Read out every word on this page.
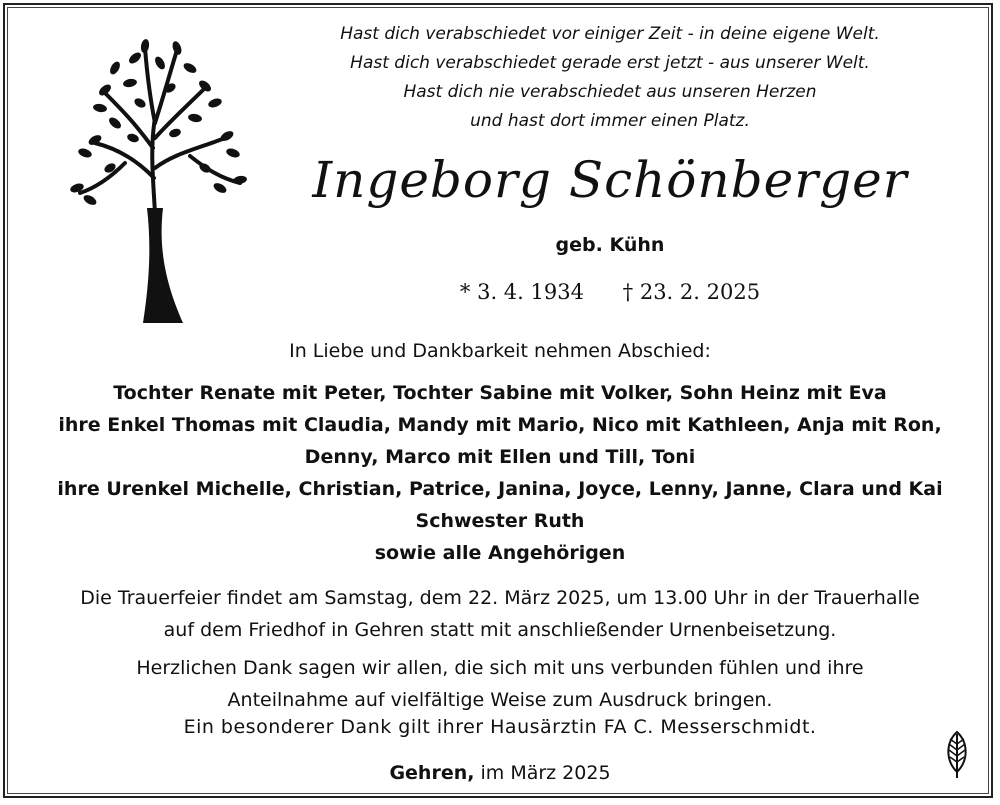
Hast dich verabschiedet vor einiger Zeit - in deine eigene Welt.
Hast dich verabschiedet gerade erst jetzt - aus unserer Welt.
Hast dich nie verabschiedet aus unseren Herzen
und hast dort immer einen Platz.
Ingeborg Schönberger
geb. Kühn
* 3. 4. 1934 † 23. 2. 2025
In Liebe und Dankbarkeit nehmen Abschied:
Tochter Renate mit Peter, Tochter Sabine mit Volker, Sohn Heinz mit Eva
ihre Enkel Thomas mit Claudia, Mandy mit Mario, Nico mit Kathleen, Anja mit Ron,
Denny, Marco mit Ellen und Till, Toni
ihre Urenkel Michelle, Christian, Patrice, Janina, Joyce, Lenny, Janne, Clara und Kai
Schwester Ruth
sowie alle Angehörigen
Die Trauerfeier findet am Samstag, dem 22. März 2025, um 13.00 Uhr in der Trauerhalle
auf dem Friedhof in Gehren statt mit anschließender Urnenbeisetzung.
Herzlichen Dank sagen wir allen, die sich mit uns verbunden fühlen und ihre
Anteilnahme auf vielfältige Weise zum Ausdruck bringen.
Ein besonderer Dank gilt ihrer Hausärztin FA C. Messerschmidt.
Gehren, im März 2025
